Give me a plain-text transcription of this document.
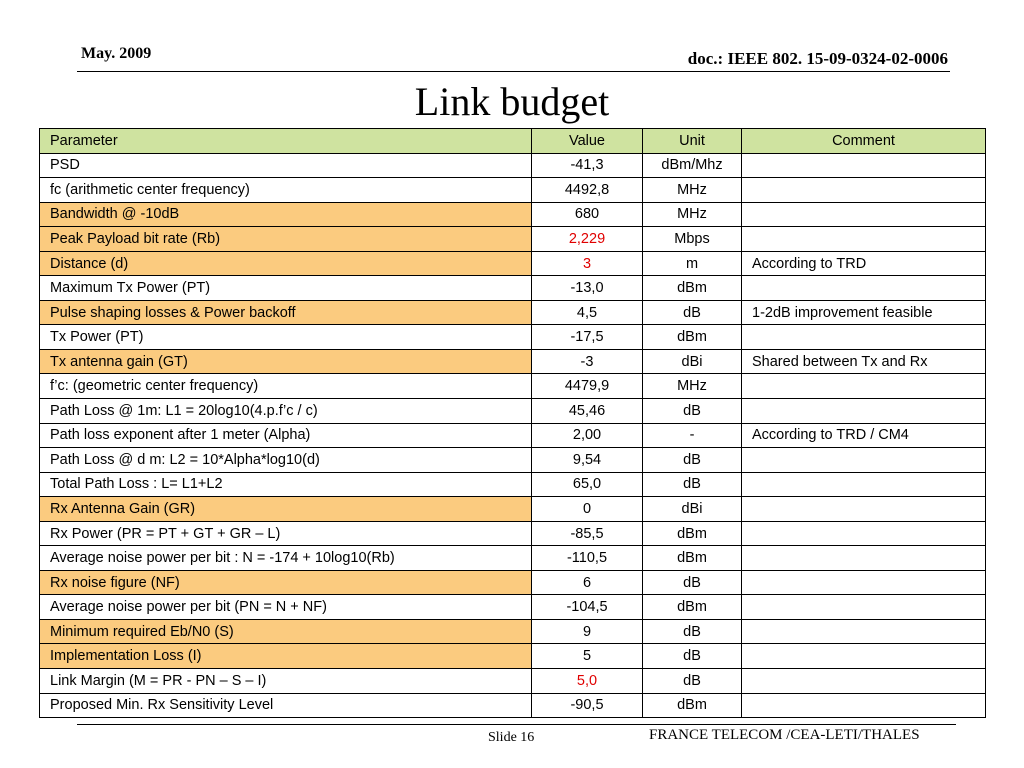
May. 2009	doc.: IEEE 802. 15-09-0324-02-0006
Link budget
Parameter	Value	Unit	Comment
PSD	-41,3	dBm/Mhz	
fc (arithmetic center frequency)	4492,8	MHz	
Bandwidth @ -10dB	680	MHz	
Peak Payload bit rate (Rb)	2,229	Mbps	
Distance (d)	3	m	According to TRD
Maximum Tx Power (PT)	-13,0	dBm	
Pulse shaping losses & Power backoff	4,5	dB	1-2dB improvement feasible
Tx Power (PT)	-17,5	dBm	
Tx antenna gain (GT)	-3	dBi	Shared between Tx and Rx
f’c: (geometric center frequency)	4479,9	MHz	
Path Loss @ 1m: L1 = 20log10(4.p.f’c / c)	45,46	dB	
Path loss exponent after 1 meter (Alpha)	2,00	-	According to TRD / CM4
Path Loss @ d m: L2 = 10*Alpha*log10(d)	9,54	dB	
Total Path Loss : L= L1+L2	65,0	dB	
Rx Antenna Gain (GR)	0	dBi	
Rx Power (PR = PT + GT + GR – L)	-85,5	dBm	
Average noise power per bit : N = -174 + 10log10(Rb)	-110,5	dBm	
Rx noise figure (NF)	6	dB	
Average noise power per bit (PN = N + NF)	-104,5	dBm	
Minimum required Eb/N0 (S)	9	dB	
Implementation Loss (I)	5	dB	
Link Margin (M = PR - PN – S – I)	5,0	dB	
Proposed Min. Rx Sensitivity Level	-90,5	dBm	
Slide 16	FRANCE TELECOM /CEA-LETI/THALES
